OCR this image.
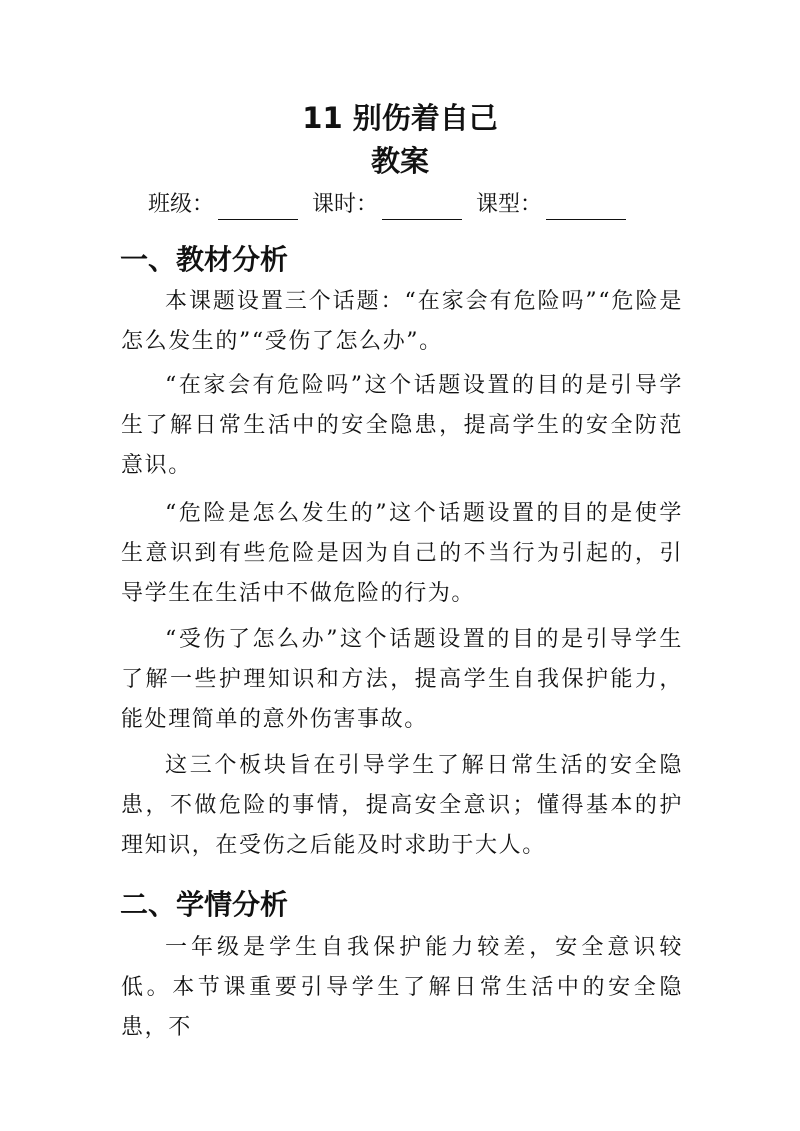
11 别伤着自己
教案
班级：	课时：	课型：
一、教材分析
本课题设置三个话题：“在家会有危险吗”“危险是怎么发生的”“受伤了怎么办”。
“在家会有危险吗”这个话题设置的目的是引导学生了解日常生活中的安全隐患，提高学生的安全防范意识。
“危险是怎么发生的”这个话题设置的目的是使学生意识到有些危险是因为自己的不当行为引起的，引导学生在生活中不做危险的行为。
“受伤了怎么办”这个话题设置的目的是引导学生了解一些护理知识和方法，提高学生自我保护能力，能处理简单的意外伤害事故。
这三个板块旨在引导学生了解日常生活的安全隐患，不做危险的事情，提高安全意识；懂得基本的护理知识，在受伤之后能及时求助于大人。
二、学情分析
一年级是学生自我保护能力较差，安全意识较低。本节课重要引导学生了解日常生活中的安全隐患，不
